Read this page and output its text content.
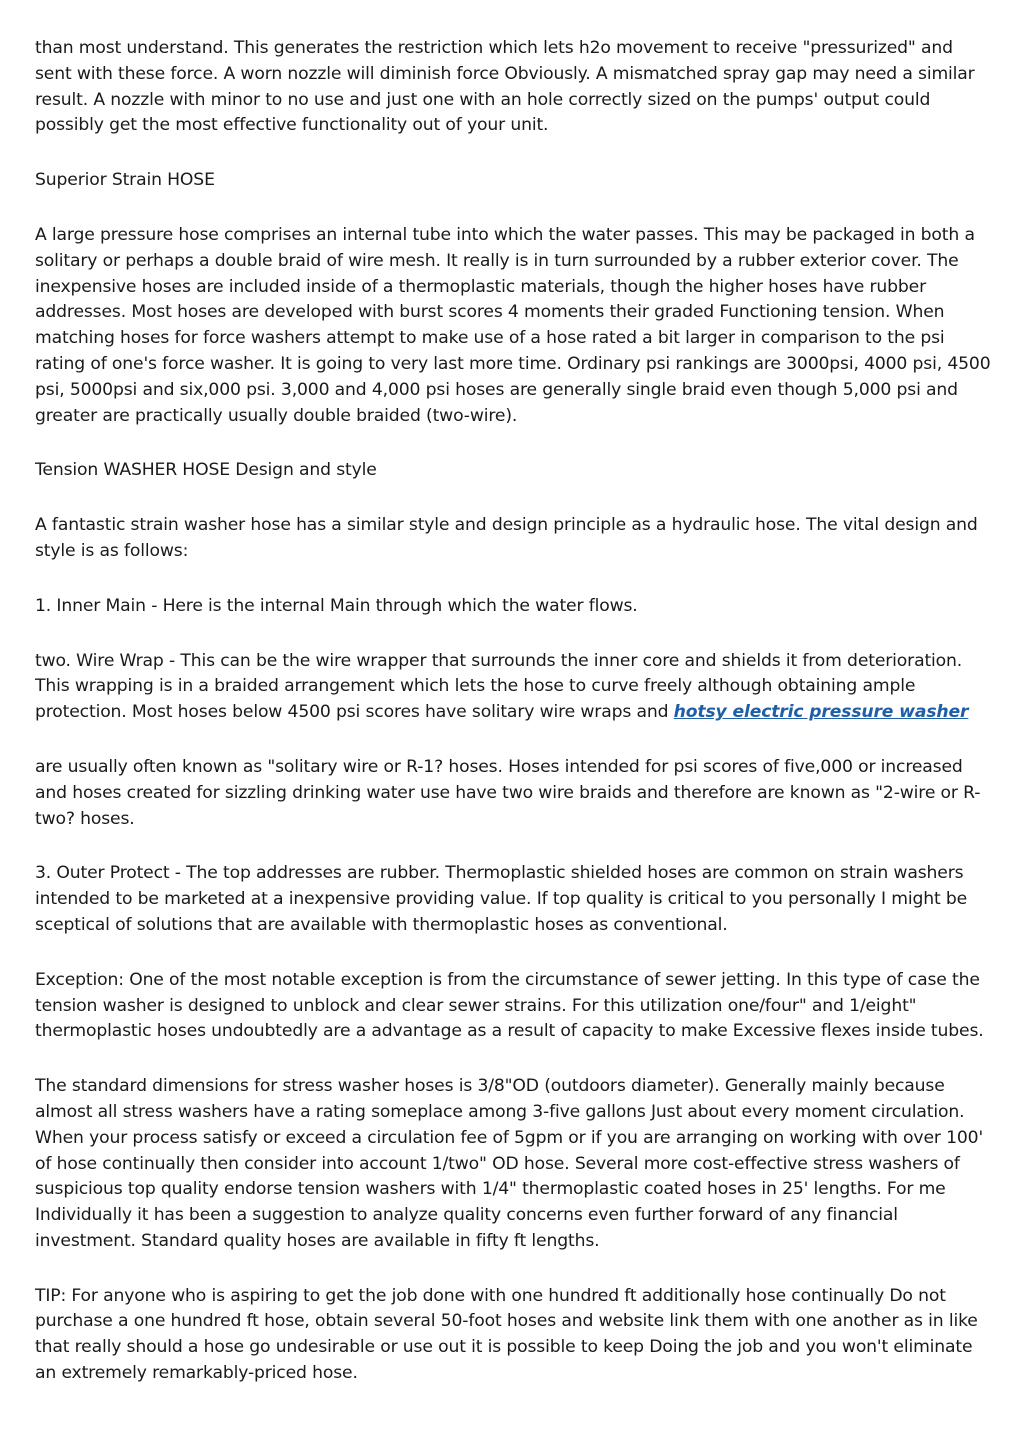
than most understand. This generates the restriction which lets h2o movement to receive "pressurized" and sent with these force. A worn nozzle will diminish force Obviously. A mismatched spray gap may need a similar result. A nozzle with minor to no use and just one with an hole correctly sized on the pumps' output could possibly get the most effective functionality out of your unit.

Superior Strain HOSE

A large pressure hose comprises an internal tube into which the water passes. This may be packaged in both a solitary or perhaps a double braid of wire mesh. It really is in turn surrounded by a rubber exterior cover. The inexpensive hoses are included inside of a thermoplastic materials, though the higher hoses have rubber addresses. Most hoses are developed with burst scores 4 moments their graded Functioning tension. When matching hoses for force washers attempt to make use of a hose rated a bit larger in comparison to the psi rating of one's force washer. It is going to very last more time. Ordinary psi rankings are 3000psi, 4000 psi, 4500 psi, 5000psi and six,000 psi. 3,000 and 4,000 psi hoses are generally single braid even though 5,000 psi and greater are practically usually double braided (two-wire).

Tension WASHER HOSE Design and style

A fantastic strain washer hose has a similar style and design principle as a hydraulic hose. The vital design and style is as follows:

1. Inner Main - Here is the internal Main through which the water flows.

two. Wire Wrap - This can be the wire wrapper that surrounds the inner core and shields it from deterioration. This wrapping is in a braided arrangement which lets the hose to curve freely although obtaining ample protection. Most hoses below 4500 psi scores have solitary wire wraps and hotsy electric pressure washer

are usually often known as "solitary wire or R-1? hoses. Hoses intended for psi scores of five,000 or increased and hoses created for sizzling drinking water use have two wire braids and therefore are known as "2-wire or R-two? hoses.

3. Outer Protect - The top addresses are rubber. Thermoplastic shielded hoses are common on strain washers intended to be marketed at a inexpensive providing value. If top quality is critical to you personally I might be sceptical of solutions that are available with thermoplastic hoses as conventional.

Exception: One of the most notable exception is from the circumstance of sewer jetting. In this type of case the tension washer is designed to unblock and clear sewer strains. For this utilization one/four" and 1/eight" thermoplastic hoses undoubtedly are a advantage as a result of capacity to make Excessive flexes inside tubes.

The standard dimensions for stress washer hoses is 3/8"OD (outdoors diameter). Generally mainly because almost all stress washers have a rating someplace among 3-five gallons Just about every moment circulation. When your process satisfy or exceed a circulation fee of 5gpm or if you are arranging on working with over 100' of hose continually then consider into account 1/two" OD hose. Several more cost-effective stress washers of suspicious top quality endorse tension washers with 1/4" thermoplastic coated hoses in 25' lengths. For me Individually it has been a suggestion to analyze quality concerns even further forward of any financial investment. Standard quality hoses are available in fifty ft lengths.

TIP: For anyone who is aspiring to get the job done with one hundred ft additionally hose continually Do not purchase a one hundred ft hose, obtain several 50-foot hoses and website link them with one another as in like that really should a hose go undesirable or use out it is possible to keep Doing the job and you won't eliminate an extremely remarkably-priced hose.
